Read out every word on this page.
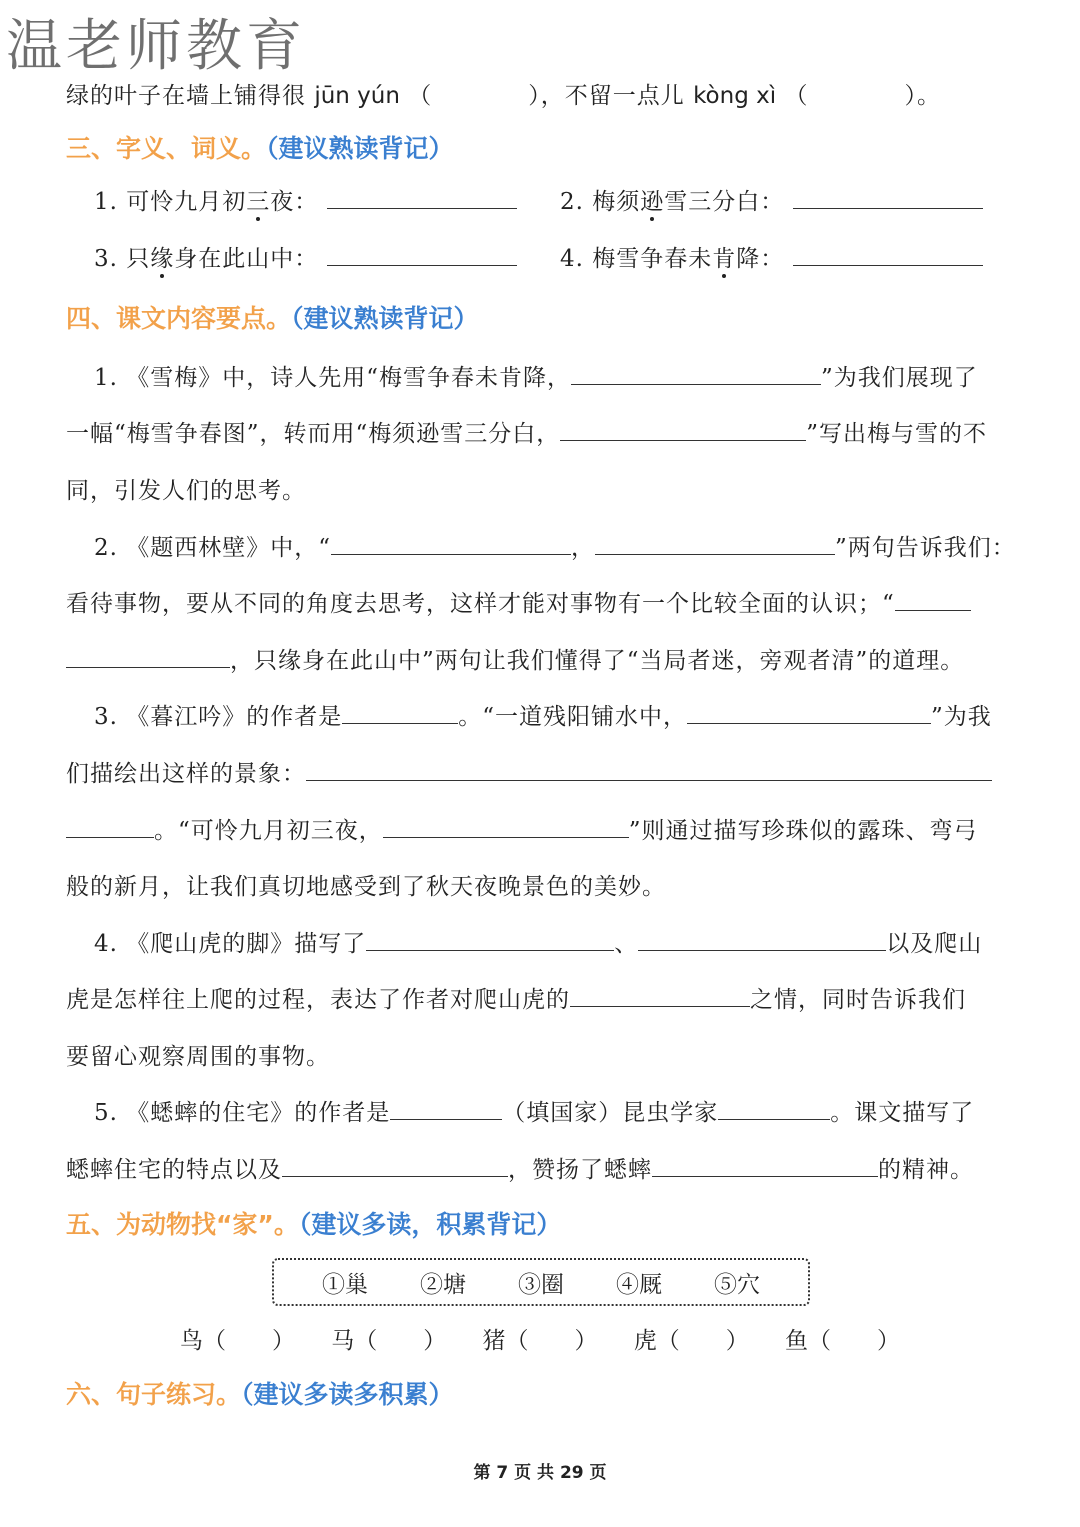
温老师教育
绿的叶子在墙上铺得很 jūn yún （　　　　），不留一点儿 kòng xì （　　　　）。
三、字义、词义。（建议熟读背记）
1. 可怜九月初三夜：	2. 梅须逊雪三分白：
3. 只缘身在此山中：	4. 梅雪争春未肯降：
四、课文内容要点。（建议熟读背记）
1. 《雪梅》中，诗人先用“梅雪争春未肯降，	”为我们展现了
一幅“梅雪争春图”，转而用“梅须逊雪三分白，	”写出梅与雪的不
同，引发人们的思考。
2. 《题西林壁》中，“	，	”两句告诉我们：
看待事物，要从不同的角度去思考，这样才能对事物有一个比较全面的认识；“
，只缘身在此山中”两句让我们懂得了“当局者迷，旁观者清”的道理。
3. 《暮江吟》的作者是	。“一道残阳铺水中，	”为我
们描绘出这样的景象：
。“可怜九月初三夜，	”则通过描写珍珠似的露珠、弯弓
般的新月，让我们真切地感受到了秋天夜晚景色的美妙。
4. 《爬山虎的脚》描写了	、	以及爬山
虎是怎样往上爬的过程，表达了作者对爬山虎的	之情，同时告诉我们
要留心观察周围的事物。
5. 《蟋蟀的住宅》的作者是	（填国家）昆虫学家	。课文描写了
蟋蟀住宅的特点以及	，赞扬了蟋蟀	的精神。
五、为动物找“家”。（建议多读，积累背记）
①巢 ②塘 ③圈 ④厩 ⑤穴
鸟（　　） 马（　　） 猪（　　） 虎（　　） 鱼（　　）
六、句子练习。（建议多读多积累）
第 7 页 共 29 页
